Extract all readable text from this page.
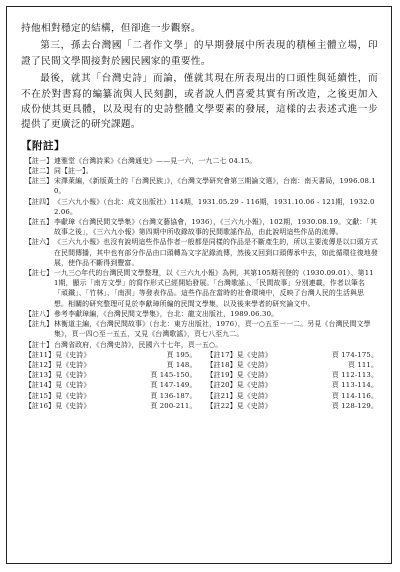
持他相對穩定的結構，但卻進一步觀察。

第三，孫去台灣國「二者作文學」的早期發展中所表現的積極主體立場，印證了民間文學間接對於國民國家的重要性。

最後，就其「台灣史詩」而論，僅就其現在所表現出的口頭性與延續性，而不在於對書寫的編纂流與人民刻劃，或者說人們喜愛其實有所改造，之後更加入成份使其更具體，以及現有的史詩整體文學要素的發展，這樣的去表述式進一步提供了更廣泛的研究課題。

【附註】

【註一】 連雅堂《台灣詩乘》《台灣通史》——見一六，一九二七 04.15。

【註二】 同【註一】。

【註三】 宋澤萊編，《新版黃土的「台灣民族」》，《台灣文學研究會第三期論文選》，台南：南天書局，1996.08.10。

【註四】 《三六九小報》（台北：成文出版社）114期，1931.05.29 - 116期，1931.10.06 - 121期，1932.02.06。

【註五】 李獻璋《台灣民間文學集》（台灣文藝協會，1936），《三六九小報》，102期，1930.08.19。文獻：「其故事之後」，《三六九小報》第四期中所收錄故事的民間歌謠作品，由此說明這些作品的流傳。

【註六】 《三六九小報》也沒有說明這些作品作者一般都是同樣的作品是不斷產生的，所以主要流傳是以口頭方式在民間傳播，其中也有部分作品由口頭轉為文字記錄流傳，然後又回到口頭傳承中去，如此循環往復地發展，使作品不斷得到豐富。

【註七】 一九三○年代的台灣民間文學整理，以《三六九小報》為例，其第105期刊登的（1930.09.01）、第111期，顯示「南方文學」的寫作形式已經開始發展。「台灣歌謠」、「民間故事」分別連載，作者以筆名「頑鐵」、「竹林」、「南溟」等發表作品。這些作品在當時的社會環境中，反映了台灣人民的生活與思想。相關的研究整理可見於李獻璋所編的民間文學集，以及後來學者的研究論文中。

【註八】 參考李獻璋編，《台灣民間文學集》，台北：龍文出版社，1989.06.30。

【註九】 林衡道主編，《台灣民間故事》（台北：東方出版社，1976），頁一○五至一一二。另見《台灣民間文學集》，頁一四○至一五五，又見《台灣歌謠》，頁七八至九二。

【註十】 台灣省政府，《台灣史詩》，民國六十七年，頁一五○。

【註11】見《史詩》	頁 195。 【註17】見《史詩》	頁 174-175。
【註12】見《史詩》	頁 148。 【註18】見《史詩》	頁 111。
【註13】見《史詩》	頁 145-150。 【註19】見《史詩》	頁 112-113。
【註14】見《史詩》	頁 147-149。 【註20】見《史詩》	頁 113-114。
【註15】見《史詩》	頁 136-187。 【註21】見《史詩》	頁 114-116。
【註16】見《史詩》	頁 200-211。 【註22】見《史詩》	頁 128-129。
